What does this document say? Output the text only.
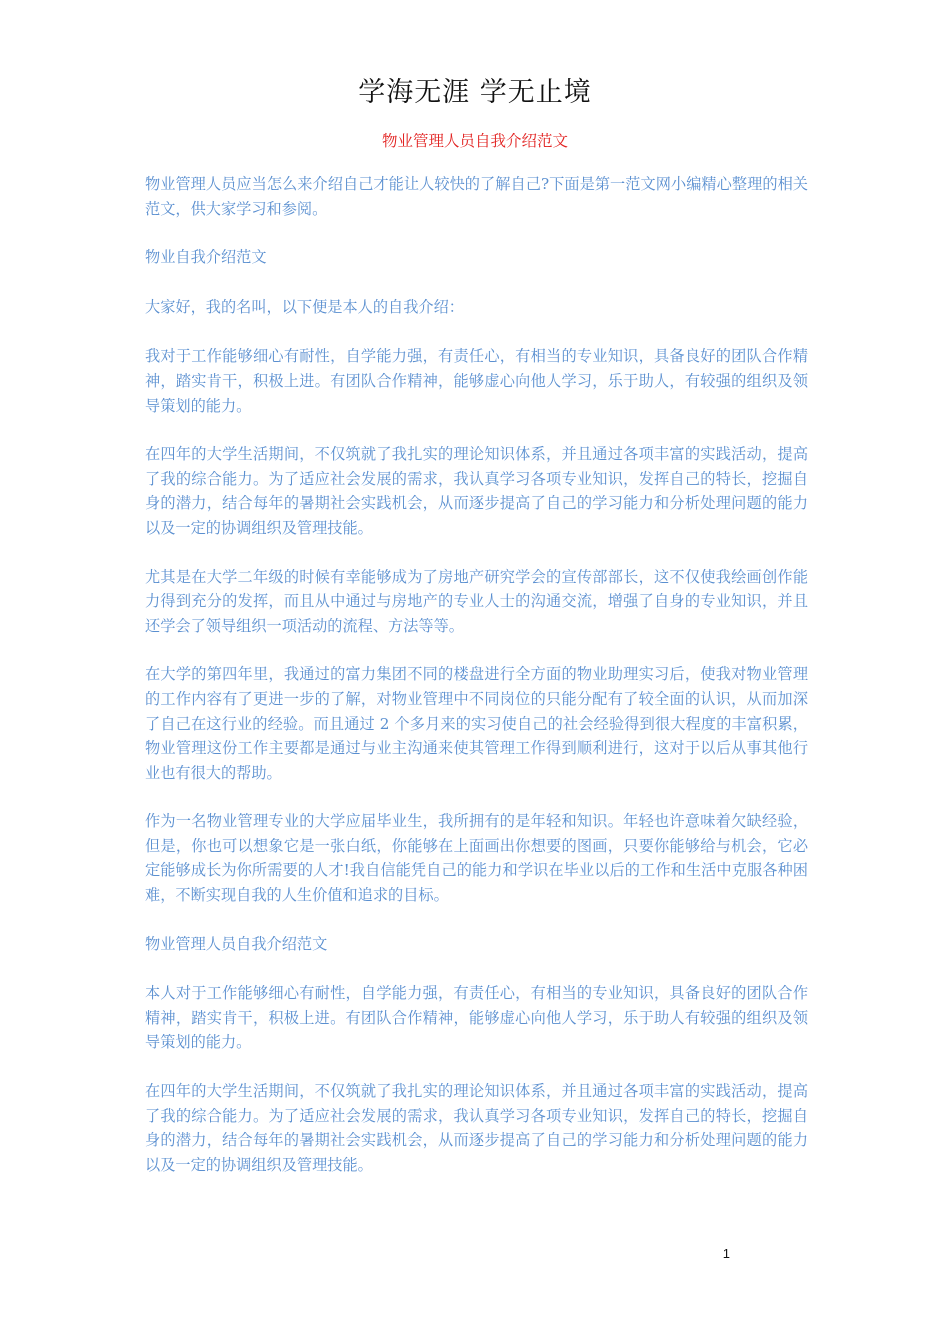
学海无涯 学无止境
物业管理人员自我介绍范文

物业管理人员应当怎么来介绍自己才能让人较快的了解自己?下面是第一范文网小编精心整理的相关范文，供大家学习和参阅。

物业自我介绍范文

大家好，我的名叫，以下便是本人的自我介绍：

我对于工作能够细心有耐性，自学能力强，有责任心，有相当的专业知识，具备良好的团队合作精神，踏实肯干，积极上进。有团队合作精神，能够虚心向他人学习，乐于助人，有较强的组织及领导策划的能力。

在四年的大学生活期间，不仅筑就了我扎实的理论知识体系，并且通过各项丰富的实践活动，提高了我的综合能力。为了适应社会发展的需求，我认真学习各项专业知识，发挥自己的特长，挖掘自身的潜力，结合每年的暑期社会实践机会，从而逐步提高了自己的学习能力和分析处理问题的能力以及一定的协调组织及管理技能。

尤其是在大学二年级的时候有幸能够成为了房地产研究学会的宣传部部长，这不仅使我绘画创作能力得到充分的发挥，而且从中通过与房地产的专业人士的沟通交流，增强了自身的专业知识，并且还学会了领导组织一项活动的流程、方法等等。

在大学的第四年里，我通过的富力集团不同的楼盘进行全方面的物业助理实习后，使我对物业管理的工作内容有了更进一步的了解，对物业管理中不同岗位的只能分配有了较全面的认识，从而加深了自己在这行业的经验。而且通过 2 个多月来的实习使自己的社会经验得到很大程度的丰富积累，物业管理这份工作主要都是通过与业主沟通来使其管理工作得到顺利进行，这对于以后从事其他行业也有很大的帮助。

作为一名物业管理专业的大学应届毕业生，我所拥有的是年轻和知识。年轻也许意味着欠缺经验，但是，你也可以想象它是一张白纸，你能够在上面画出你想要的图画，只要你能够给与机会，它必定能够成长为你所需要的人才!我自信能凭自己的能力和学识在毕业以后的工作和生活中克服各种困难，不断实现自我的人生价值和追求的目标。

物业管理人员自我介绍范文

本人对于工作能够细心有耐性，自学能力强，有责任心，有相当的专业知识，具备良好的团队合作精神，踏实肯干，积极上进。有团队合作精神，能够虚心向他人学习，乐于助人有较强的组织及领导策划的能力。

在四年的大学生活期间，不仅筑就了我扎实的理论知识体系，并且通过各项丰富的实践活动，提高了我的综合能力。为了适应社会发展的需求，我认真学习各项专业知识，发挥自己的特长，挖掘自身的潜力，结合每年的暑期社会实践机会，从而逐步提高了自己的学习能力和分析处理问题的能力以及一定的协调组织及管理技能。

1
